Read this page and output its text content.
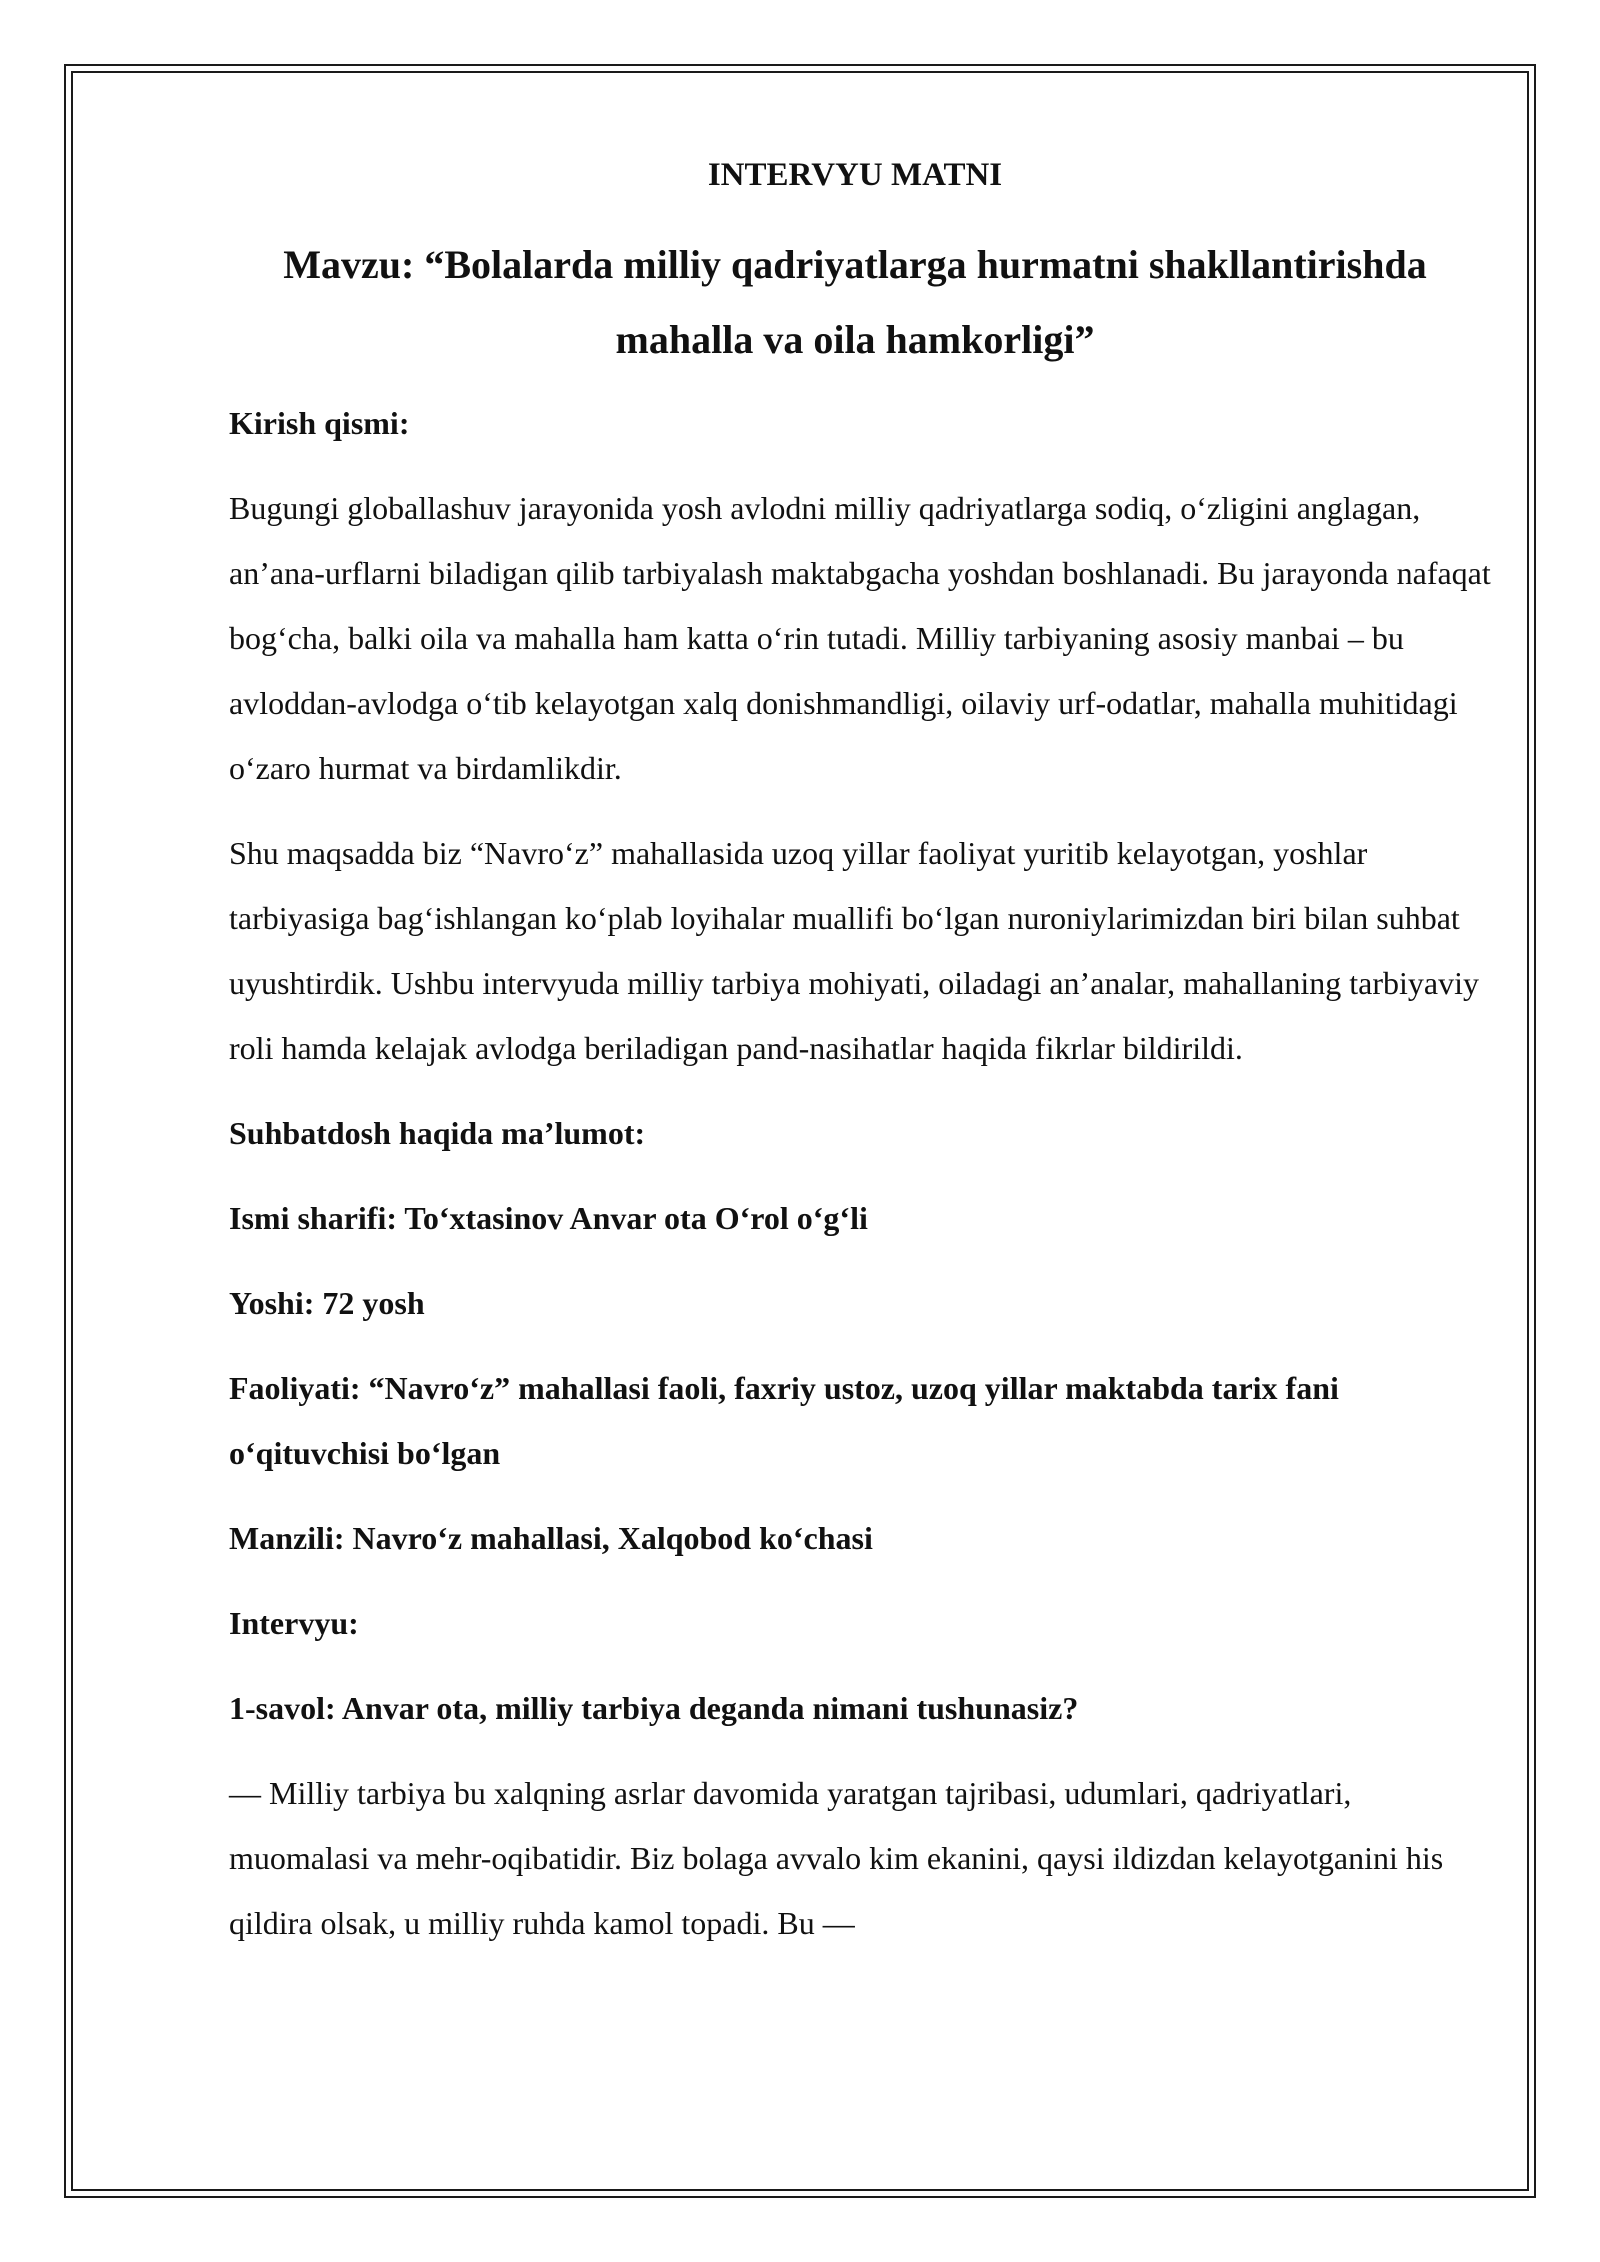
INTERVYU MATNI
Mavzu: “Bolalarda milliy qadriyatlarga hurmatni shakllantirishda
mahalla va oila hamkorligi”
Kirish qismi:

Bugungi globallashuv jarayonida yosh avlodni milliy qadriyatlarga sodiq, o‘zligini anglagan, an’ana-urflarni biladigan qilib tarbiyalash maktabgacha yoshdan boshlanadi. Bu jarayonda nafaqat bog‘cha, balki oila va mahalla ham katta o‘rin tutadi. Milliy tarbiyaning asosiy manbai – bu avloddan-avlodga o‘tib kelayotgan xalq donishmandligi, oilaviy urf-odatlar, mahalla muhitidagi o‘zaro hurmat va birdamlikdir.

Shu maqsadda biz “Navro‘z” mahallasida uzoq yillar faoliyat yuritib kelayotgan, yoshlar tarbiyasiga bag‘ishlangan ko‘plab loyihalar muallifi bo‘lgan nuroniylarimizdan biri bilan suhbat uyushtirdik. Ushbu intervyuda milliy tarbiya mohiyati, oiladagi an’analar, mahallaning tarbiyaviy roli hamda kelajak avlodga beriladigan pand-nasihatlar haqida fikrlar bildirildi.

Suhbatdosh haqida ma’lumot:
Ismi sharifi: To‘xtasinov Anvar ota O‘rol o‘g‘li
Yoshi: 72 yosh
Faoliyati: “Navro‘z” mahallasi faoli, faxriy ustoz, uzoq yillar maktabda tarix fani o‘qituvchisi bo‘lgan
Manzili: Navro‘z mahallasi, Xalqobod ko‘chasi
Intervyu:
1-savol: Anvar ota, milliy tarbiya deganda nimani tushunasiz?

— Milliy tarbiya bu xalqning asrlar davomida yaratgan tajribasi, udumlari, qadriyatlari, muomalasi va mehr-oqibatidir. Biz bolaga avvalo kim ekanini, qaysi ildizdan kelayotganini his qildira olsak, u milliy ruhda kamol topadi. Bu —
